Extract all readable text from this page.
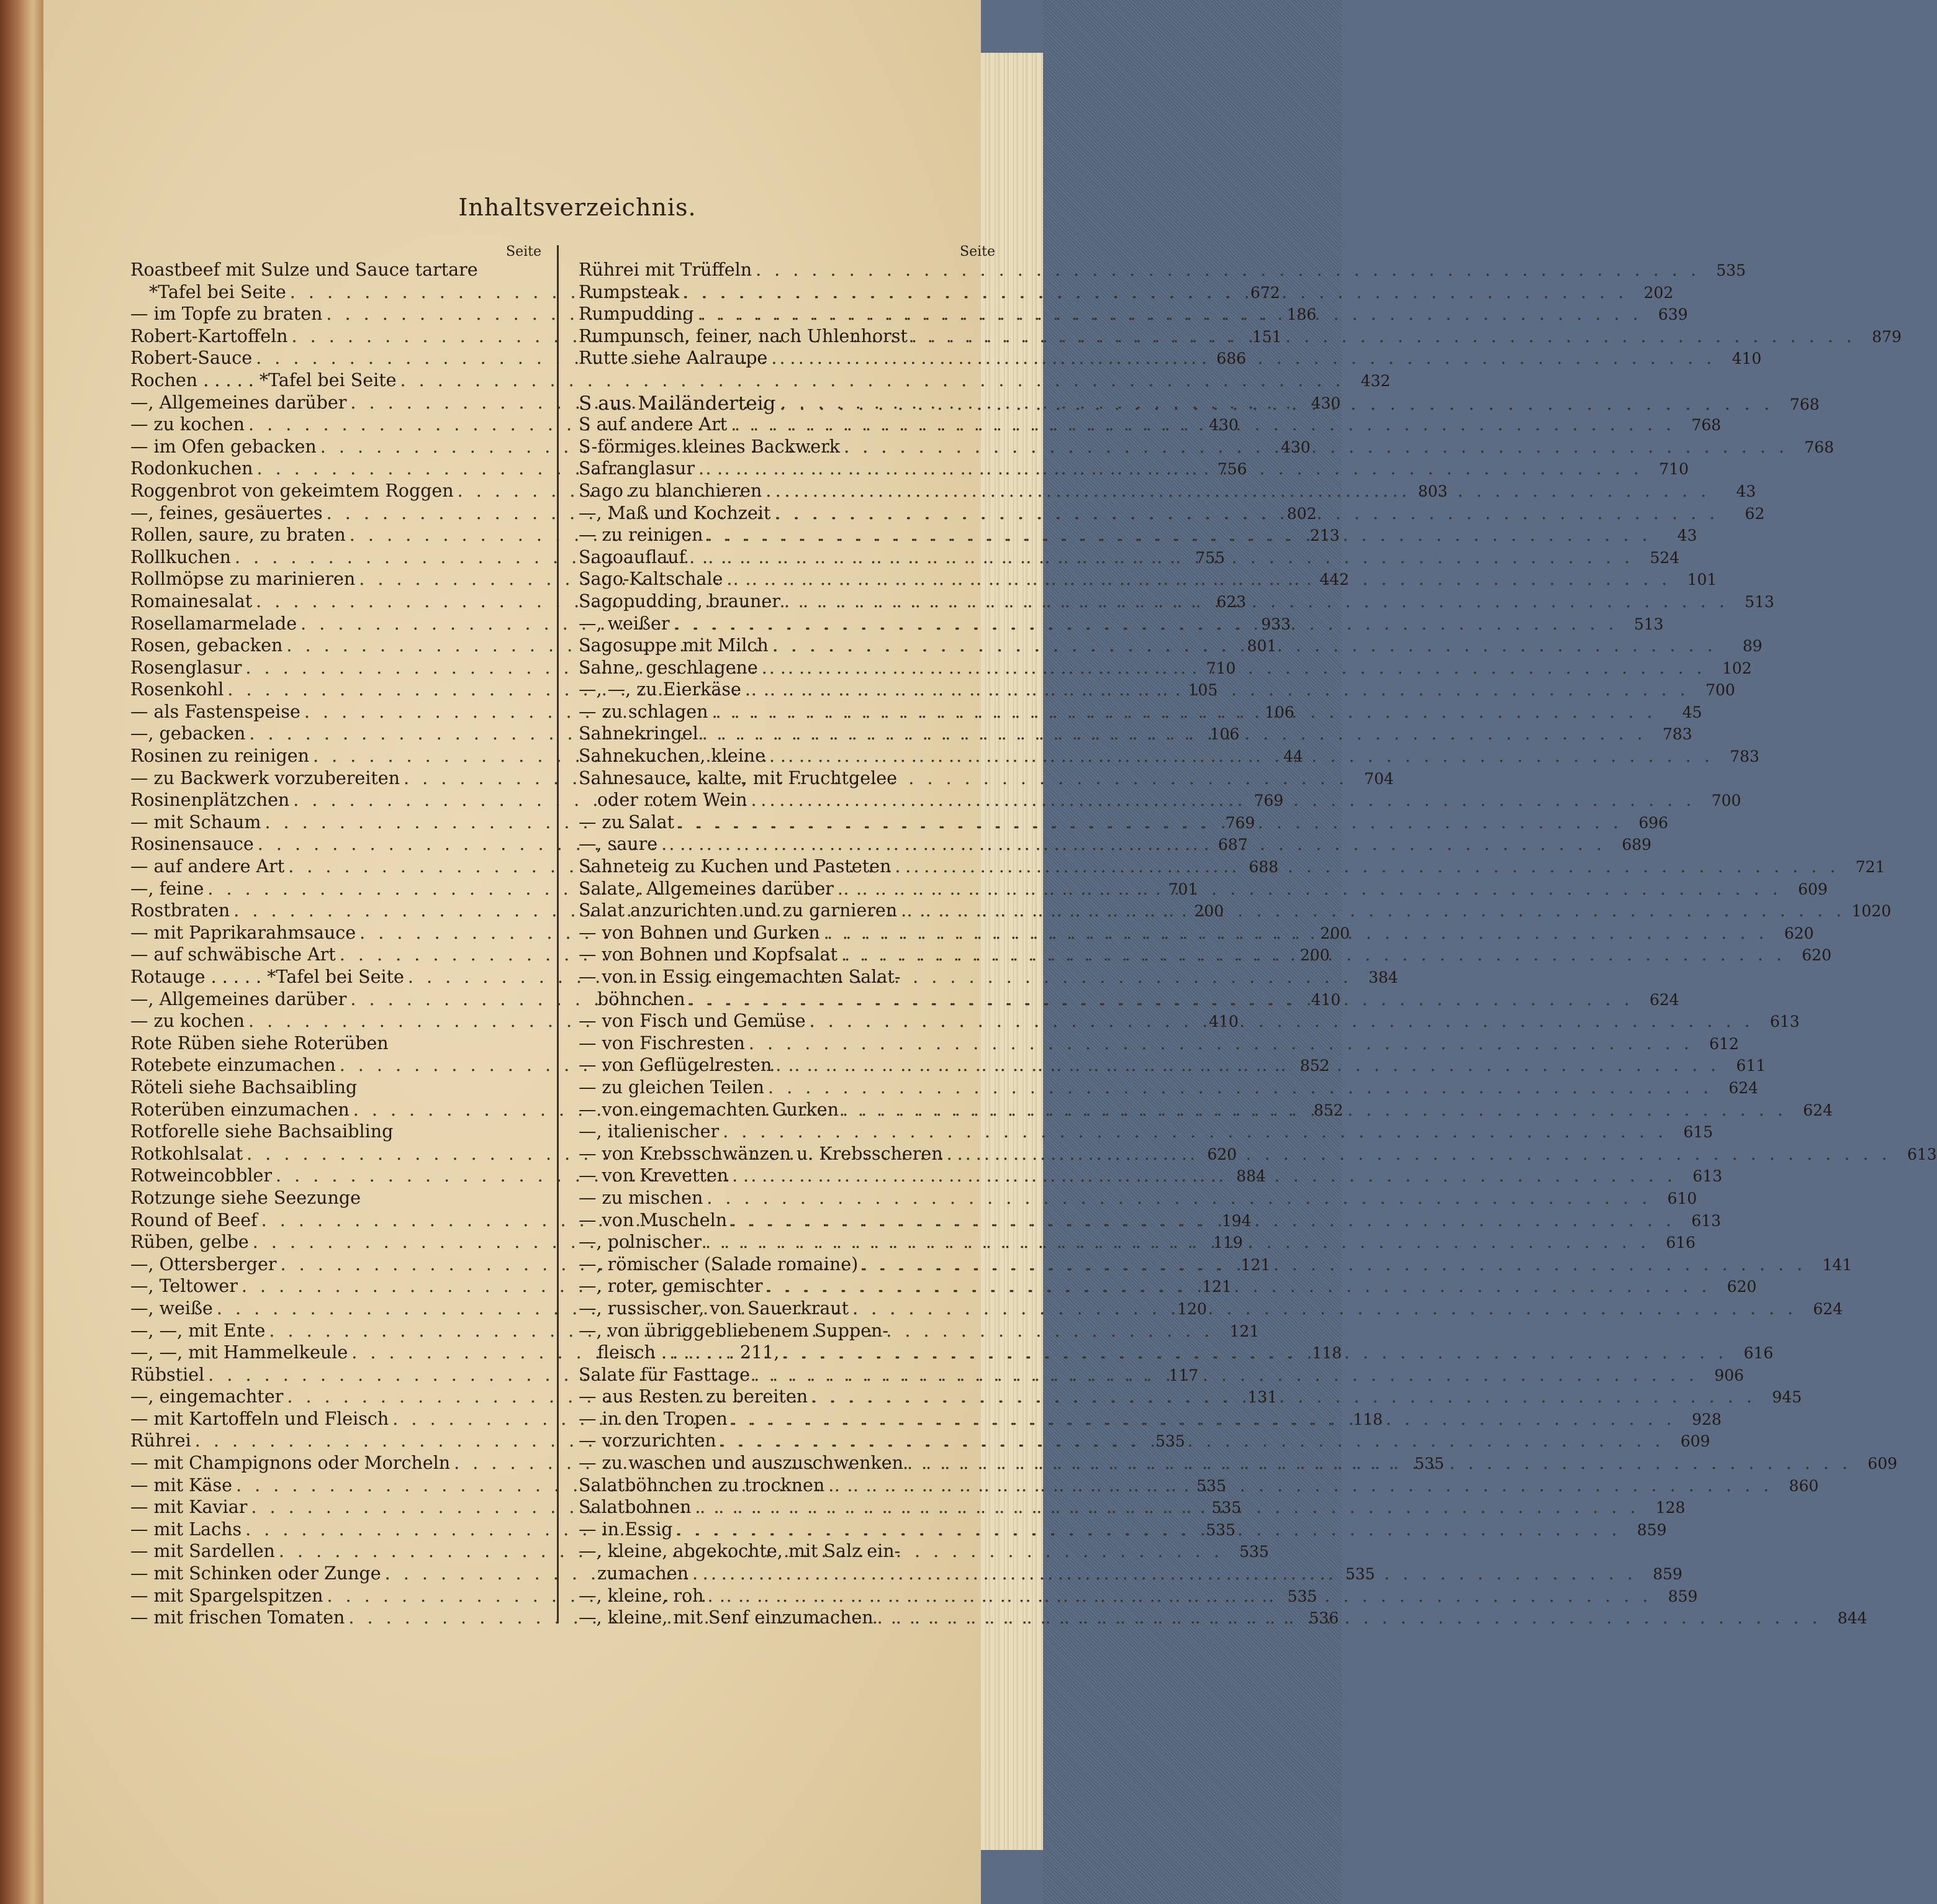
Inhaltsverzeichnis.
Seite	Seite
Roastbeef mit Sulze und Sauce tartare
*Tafel bei Seite . . .	672
— im Topfe zu braten . . .	186
Robert-Kartoffeln . . .	151
Robert-Sauce . . .	686
Rochen . . . . . *Tafel bei Seite . . .	432
—, Allgemeines darüber . . .	430
— zu kochen . . .	430
— im Ofen gebacken . . .	430
Rodonkuchen . . .	756
Roggenbrot von gekeimtem Roggen . . .	803
—, feines, gesäuertes . . .	802
Rollen, saure, zu braten . . .	213
Rollkuchen . . .	755
Rollmöpse zu marinieren . . .	442
Romainesalat . . .	623
Rosellamarmelade . . .	933
Rosen, gebacken . . .	801
Rosenglasur . . .	710
Rosenkohl . . .	105
— als Fastenspeise . . .	106
—, gebacken . . .	106
Rosinen zu reinigen . . .	44
— zu Backwerk vorzubereiten . . .	704
Rosinenplätzchen . . .	769
— mit Schaum . . .	769
Rosinensauce . . .	687
— auf andere Art . . .	688
—, feine . . .	701
Rostbraten . . .	200
— mit Paprikarahmsauce . . .	200
— auf schwäbische Art . . .	200
Rotauge . . . . . *Tafel bei Seite . . .	384
—, Allgemeines darüber . . .	410
— zu kochen . . .	410
Rote Rüben siehe Roterüben
Rotebete einzumachen . . .	852
Röteli siehe Bachsaibling
Roterüben einzumachen . . .	852
Rotforelle siehe Bachsaibling
Rotkohlsalat . . .	620
Rotweincobbler . . .	884
Rotzunge siehe Seezunge
Round of Beef . . .	194
Rüben, gelbe . . .	119
—, Ottersberger . . .	121
—, Teltower . . .	121
—, weiße . . .	120
—, —, mit Ente . . .	121
—, —, mit Hammelkeule . . .	118
Rübstiel . . .	117
—, eingemachter . . .	131
— mit Kartoffeln und Fleisch . . .	118
Rührei . . .	535
— mit Champignons oder Morcheln . . .	535
— mit Käse . . .	535
— mit Kaviar . . .	535
— mit Lachs . . .	535
— mit Sardellen . . .	535
— mit Schinken oder Zunge . . .	535
— mit Spargelspitzen . . .	535
— mit frischen Tomaten . . .	536
Rührei mit Trüffeln . . .	535
Rumpsteak . . .	202
Rumpudding . . .	639
Rumpunsch, feiner, nach Uhlenhorst . . .	879
Rutte siehe Aalraupe . . .	410
S aus Mailänderteig . . .	768
S auf andere Art . . .	768
S-förmiges kleines Backwerk . . .	768
Safranglasur . . .	710
Sago zu blanchieren . . .	43
—, Maß und Kochzeit . . .	62
— zu reinigen . . .	43
Sagoauflauf . . .	524
Sago-Kaltschale . . .	101
Sagopudding, brauner . . .	513
—, weißer . . .	513
Sagosuppe mit Milch . . .	89
Sahne, geschlagene . . .	102
—, —, zu Eierkäse . . .	700
— zu schlagen . . .	45
Sahnekringel . . .	783
Sahnekuchen, kleine . . .	783
Sahnesauce, kalte, mit Fruchtgelee
oder rotem Wein . . .	700
— zu Salat . . .	696
—, saure . . .	689
Sahneteig zu Kuchen und Pasteten . . .	721
Salate, Allgemeines darüber . . .	609
Salat anzurichten und zu garnieren . . .	1020
— von Bohnen und Gurken . . .	620
— von Bohnen und Kopfsalat . . .	620
— von in Essig eingemachten Salat-
böhnchen . . .	624
— von Fisch und Gemüse . . .	613
— von Fischresten . . .	612
— von Geflügelresten . . .	611
— zu gleichen Teilen . . .	624
— von eingemachten Gurken . . .	624
—, italienischer . . .	615
— von Krebsschwänzen u. Krebsscheren . . .	613
— von Krevetten . . .	613
— zu mischen . . .	610
— von Muscheln . . .	613
—, polnischer . . .	616
—, römischer (Salade romaine) . . .	141
—, roter, gemischter . . .	620
—, russischer, von Sauerkraut . . .	624
—, von übriggebliebenem Suppen-
fleisch . . . . . . . 211, . . .	616
Salate für Fasttage . . .	906
— aus Resten zu bereiten . . .	945
— in den Tropen . . .	928
— vorzurichten . . .	609
— zu waschen und auszuschwenken . . .	609
Salatböhnchen zu trocknen . . .	860
Salatbohnen . . .	128
— in Essig . . .	859
—, kleine, abgekochte, mit Salz ein-
zumachen . . .	859
—, kleine, roh . . .	859
—, kleine, mit Senf einzumachen . . .	844
